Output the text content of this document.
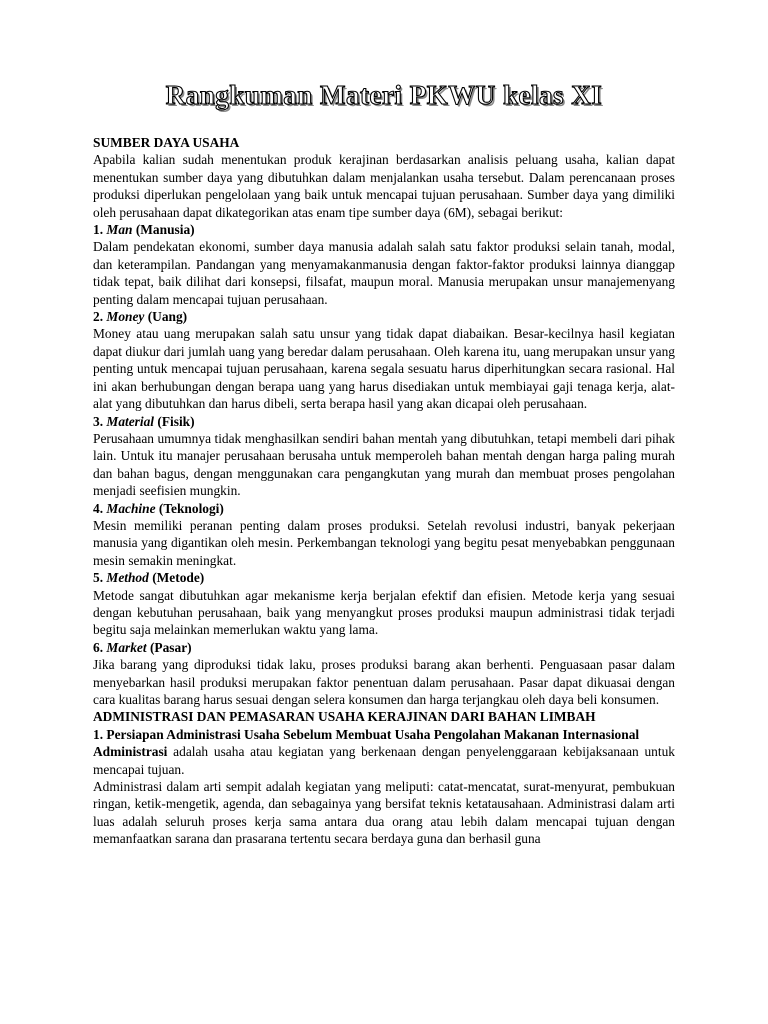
Rangkuman Materi PKWU kelas XI

SUMBER DAYA USAHA

Apabila kalian sudah menentukan produk kerajinan berdasarkan analisis peluang usaha, kalian dapat menentukan sumber daya yang dibutuhkan dalam menjalankan usaha tersebut. Dalam perencanaan proses produksi diperlukan pengelolaan yang baik untuk mencapai tujuan perusahaan. Sumber daya yang dimiliki oleh perusahaan dapat dikategorikan atas enam tipe sumber daya (6M), sebagai berikut:

1. Man (Manusia)

Dalam pendekatan ekonomi, sumber daya manusia adalah salah satu faktor produksi selain tanah, modal, dan keterampilan. Pandangan yang menyamakanmanusia dengan faktor-faktor produksi lainnya dianggap tidak tepat, baik dilihat dari konsepsi, filsafat, maupun moral. Manusia merupakan unsur manajemenyang penting dalam mencapai tujuan perusahaan.

2. Money (Uang)

Money atau uang merupakan salah satu unsur yang tidak dapat diabaikan. Besar-kecilnya hasil kegiatan dapat diukur dari jumlah uang yang beredar dalam perusahaan. Oleh karena itu, uang merupakan unsur yang penting untuk mencapai tujuan perusahaan, karena segala sesuatu harus diperhitungkan secara rasional. Hal ini akan berhubungan dengan berapa uang yang harus disediakan untuk membiayai gaji tenaga kerja, alat-alat yang dibutuhkan dan harus dibeli, serta berapa hasil yang akan dicapai oleh perusahaan.

3. Material (Fisik)

Perusahaan umumnya tidak menghasilkan sendiri bahan mentah yang dibutuhkan, tetapi membeli dari pihak lain. Untuk itu manajer perusahaan berusaha untuk memperoleh bahan mentah dengan harga paling murah dan bahan bagus, dengan menggunakan cara pengangkutan yang murah dan membuat proses pengolahan menjadi seefisien mungkin.

4. Machine (Teknologi)

Mesin memiliki peranan penting dalam proses produksi. Setelah revolusi industri, banyak pekerjaan manusia yang digantikan oleh mesin. Perkembangan teknologi yang begitu pesat menyebabkan penggunaan mesin semakin meningkat.

5. Method (Metode)

Metode sangat dibutuhkan agar mekanisme kerja berjalan efektif dan efisien. Metode kerja yang sesuai dengan kebutuhan perusahaan, baik yang menyangkut proses produksi maupun administrasi tidak terjadi begitu saja melainkan memerlukan waktu yang lama.

6. Market (Pasar)

Jika barang yang diproduksi tidak laku, proses produksi barang akan berhenti. Penguasaan pasar dalam menyebarkan hasil produksi merupakan faktor penentuan dalam perusahaan. Pasar dapat dikuasai dengan cara kualitas barang harus sesuai dengan selera konsumen dan harga terjangkau oleh daya beli konsumen.

ADMINISTRASI DAN PEMASARAN USAHA KERAJINAN DARI BAHAN LIMBAH

1. Persiapan Administrasi Usaha Sebelum Membuat Usaha Pengolahan Makanan Internasional

Administrasi adalah usaha atau kegiatan yang berkenaan dengan penyelenggaraan kebijaksanaan untuk mencapai tujuan.

Administrasi dalam arti sempit adalah kegiatan yang meliputi: catat-mencatat, surat-menyurat, pembukuan ringan, ketik-mengetik, agenda, dan sebagainya yang bersifat teknis ketatausahaan. Administrasi dalam arti luas adalah seluruh proses kerja sama antara dua orang atau lebih dalam mencapai tujuan dengan memanfaatkan sarana dan prasarana tertentu secara berdaya guna dan berhasil guna
